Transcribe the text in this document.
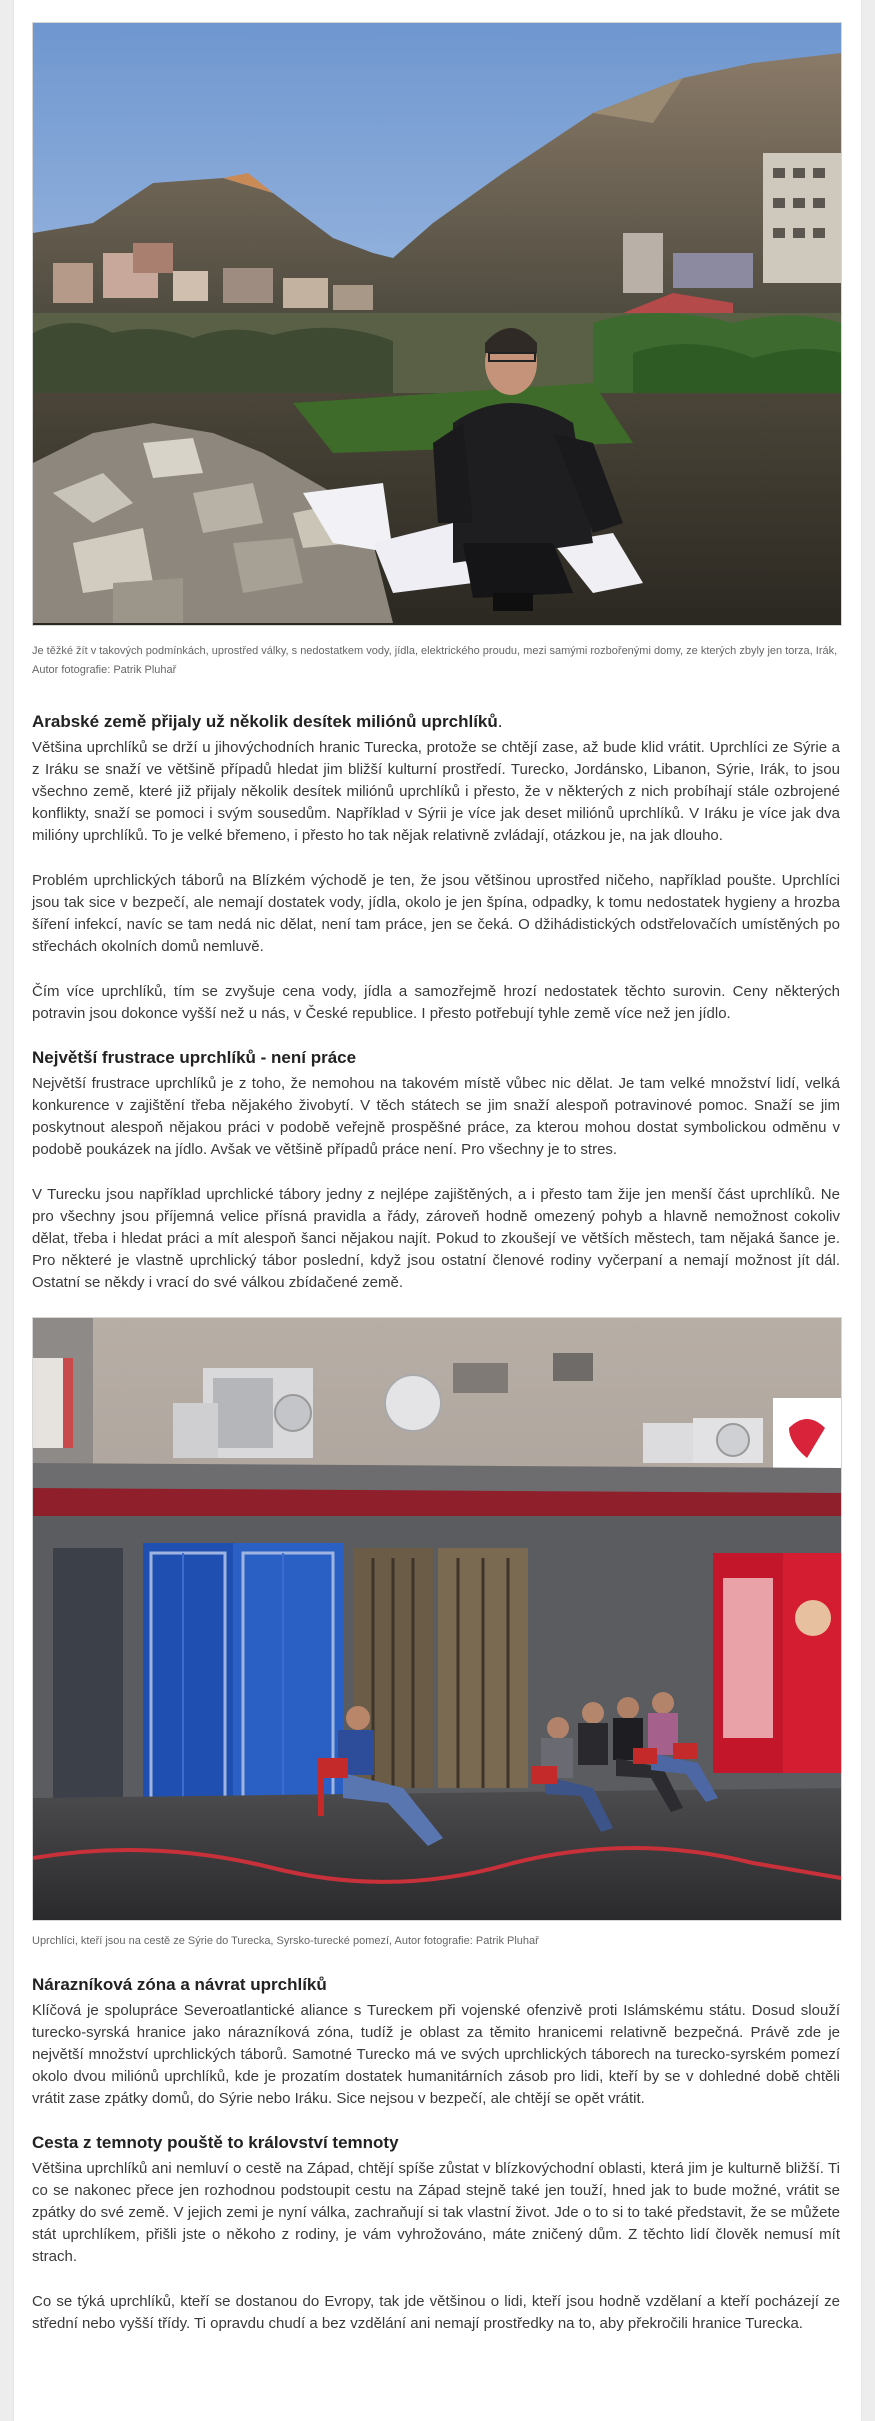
Je těžké žít v takových podmínkách, uprostřed války, s nedostatkem vody, jídla, elektrického proudu, mezi samými rozbořenými domy, ze kterých zbyly jen torza, Irák, Autor fotografie: Patrik Pluhař
Arabské země přijaly už několik desítek miliónů uprchlíků.

Většina uprchlíků se drží u jihovýchodních hranic Turecka, protože se chtějí zase, až bude klid vrátit. Uprchlíci ze Sýrie a z Iráku se snaží ve většině případů hledat jim bližší kulturní prostředí. Turecko, Jordánsko, Libanon, Sýrie, Irák, to jsou všechno země, které již přijaly několik desítek miliónů uprchlíků i přesto, že v některých z nich probíhají stále ozbrojené konflikty, snaží se pomoci i svým sousedům. Například v Sýrii je více jak deset miliónů uprchlíků. V Iráku je více jak dva milióny uprchlíků. To je velké břemeno, i přesto ho tak nějak relativně zvládají, otázkou je, na jak dlouho.

Problém uprchlických táborů na Blízkém východě je ten, že jsou většinou uprostřed ničeho, například poušte. Uprchlíci jsou tak sice v bezpečí, ale nemají dostatek vody, jídla, okolo je jen špína, odpadky, k tomu nedostatek hygieny a hrozba šíření infekcí, navíc se tam nedá nic dělat, není tam práce, jen se čeká. O džihádistických odstřelovačích umístěných po střechách okolních domů nemluvě.

Čím více uprchlíků, tím se zvyšuje cena vody, jídla a samozřejmě hrozí nedostatek těchto surovin. Ceny některých potravin jsou dokonce vyšší než u nás, v České republice. I přesto potřebují tyhle země více než jen jídlo.

Největší frustrace uprchlíků - není práce

Největší frustrace uprchlíků je z toho, že nemohou na takovém místě vůbec nic dělat. Je tam velké množství lidí, velká konkurence v zajištění třeba nějakého živobytí. V těch státech se jim snaží alespoň potravinové pomoc. Snaží se jim poskytnout alespoň nějakou práci v podobě veřejně prospěšné práce, za kterou mohou dostat symbolickou odměnu v podobě poukázek na jídlo. Avšak ve většině případů práce není. Pro všechny je to stres.

V Turecku jsou například uprchlické tábory jedny z nejlépe zajištěných, a i přesto tam žije jen menší část uprchlíků. Ne pro všechny jsou příjemná velice přísná pravidla a řády, zároveň hodně omezený pohyb a hlavně nemožnost cokoliv dělat, třeba i hledat práci a mít alespoň šanci nějakou najít. Pokud to zkoušejí ve větších městech, tam nějaká šance je. Pro některé je vlastně uprchlický tábor poslední, když jsou ostatní členové rodiny vyčerpaní a nemají možnost jít dál. Ostatní se někdy i vrací do své válkou zbídačené země.

Uprchlíci, kteří jsou na cestě ze Sýrie do Turecka, Syrsko-turecké pomezí, Autor fotografie: Patrik Pluhař
Nárazníková zóna a návrat uprchlíků

Klíčová je spolupráce Severoatlantické aliance s Tureckem při vojenské ofenzivě proti Islámskému státu. Dosud slouží turecko-syrská hranice jako nárazníková zóna, tudíž je oblast za těmito hranicemi relativně bezpečná. Právě zde je největší množství uprchlických táborů. Samotné Turecko má ve svých uprchlických táborech na turecko-syrském pomezí okolo dvou miliónů uprchlíků, kde je prozatím dostatek humanitárních zásob pro lidi, kteří by se v dohledné době chtěli vrátit zase zpátky domů, do Sýrie nebo Iráku. Sice nejsou v bezpečí, ale chtějí se opět vrátit.

Cesta z temnoty pouště to království temnoty

Většina uprchlíků ani nemluví o cestě na Západ, chtějí spíše zůstat v blízkovýchodní oblasti, která jim je kulturně bližší. Ti co se nakonec přece jen rozhodnou podstoupit cestu na Západ stejně také jen touží, hned jak to bude možné, vrátit se zpátky do své země. V jejich zemi je nyní válka, zachraňují si tak vlastní život. Jde o to si to také představit, že se můžete stát uprchlíkem, přišli jste o někoho z rodiny, je vám vyhrožováno, máte zničený dům. Z těchto lidí člověk nemusí mít strach.

Co se týká uprchlíků, kteří se dostanou do Evropy, tak jde většinou o lidi, kteří jsou hodně vzdělaní a kteří pocházejí ze střední nebo vyšší třídy. Ti opravdu chudí a bez vzdělání ani nemají prostředky na to, aby překročili hranice Turecka.
